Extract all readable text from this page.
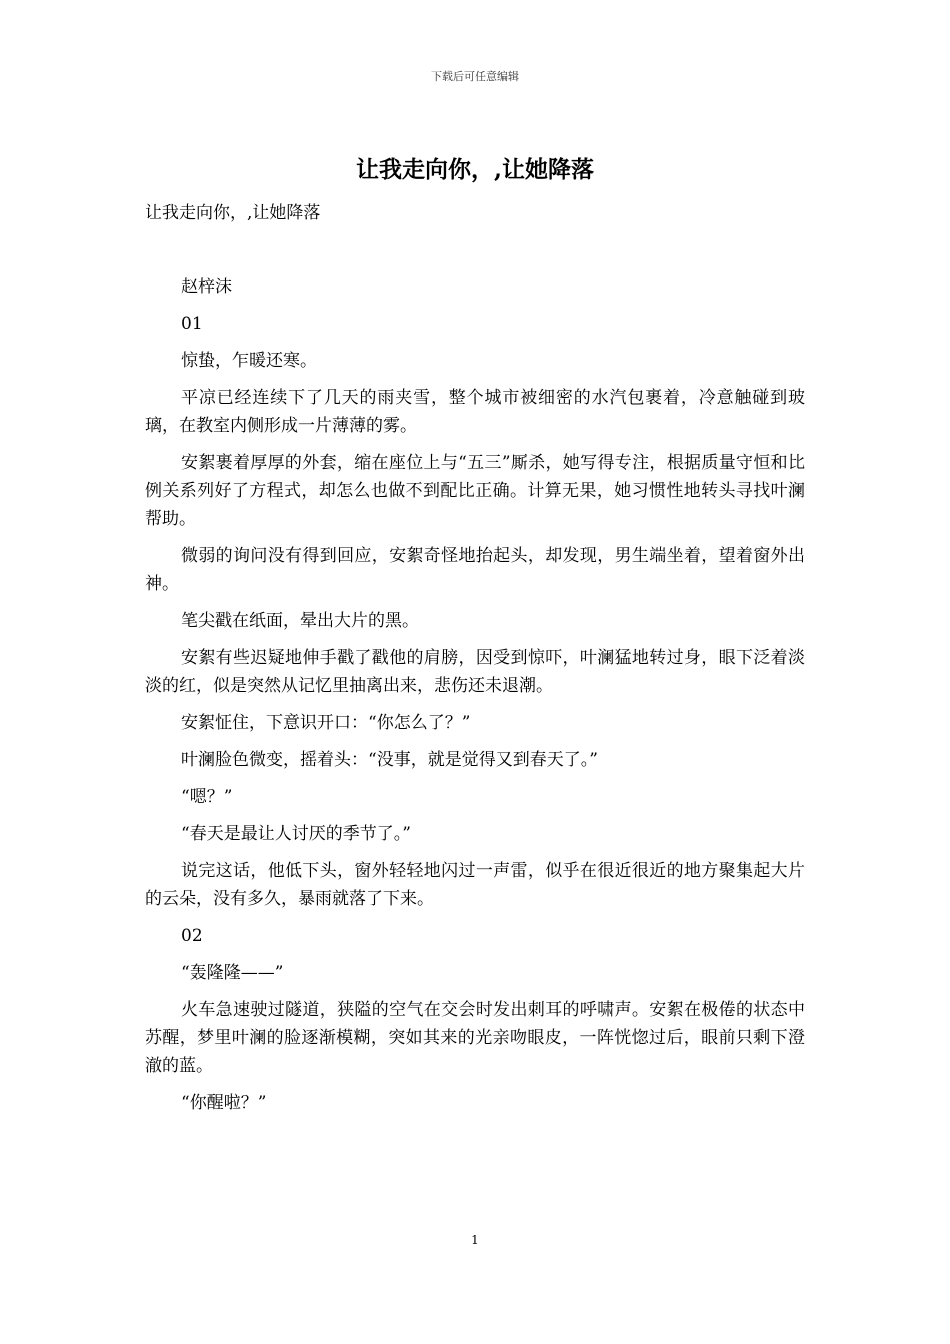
下载后可任意编辑
让我走向你，,让她降落

让我走向你，,让她降落

赵梓沫

01

惊蛰，乍暖还寒。

平凉已经连续下了几天的雨夹雪，整个城市被细密的水汽包裹着，冷意触碰到玻璃，在教室内侧形成一片薄薄的雾。

安絮裹着厚厚的外套，缩在座位上与“五三”厮杀，她写得专注，根据质量守恒和比例关系列好了方程式，却怎么也做不到配比正确。计算无果，她习惯性地转头寻找叶澜帮助。

微弱的询问没有得到回应，安絮奇怪地抬起头，却发现，男生端坐着，望着窗外出神。

笔尖戳在纸面，晕出大片的黑。

安絮有些迟疑地伸手戳了戳他的肩膀，因受到惊吓，叶澜猛地转过身，眼下泛着淡淡的红，似是突然从记忆里抽离出来，悲伤还未退潮。

安絮怔住，下意识开口：“你怎么了？”

叶澜脸色微变，摇着头：“没事，就是觉得又到春天了。”

“嗯？”

“春天是最让人讨厌的季节了。”

说完这话，他低下头，窗外轻轻地闪过一声雷，似乎在很近很近的地方聚集起大片的云朵，没有多久，暴雨就落了下来。

02

“轰隆隆——”

火车急速驶过隧道，狭隘的空气在交会时发出刺耳的呼啸声。安絮在极倦的状态中苏醒，梦里叶澜的脸逐渐模糊，突如其来的光亲吻眼皮，一阵恍惚过后，眼前只剩下澄澈的蓝。

“你醒啦？”

1
